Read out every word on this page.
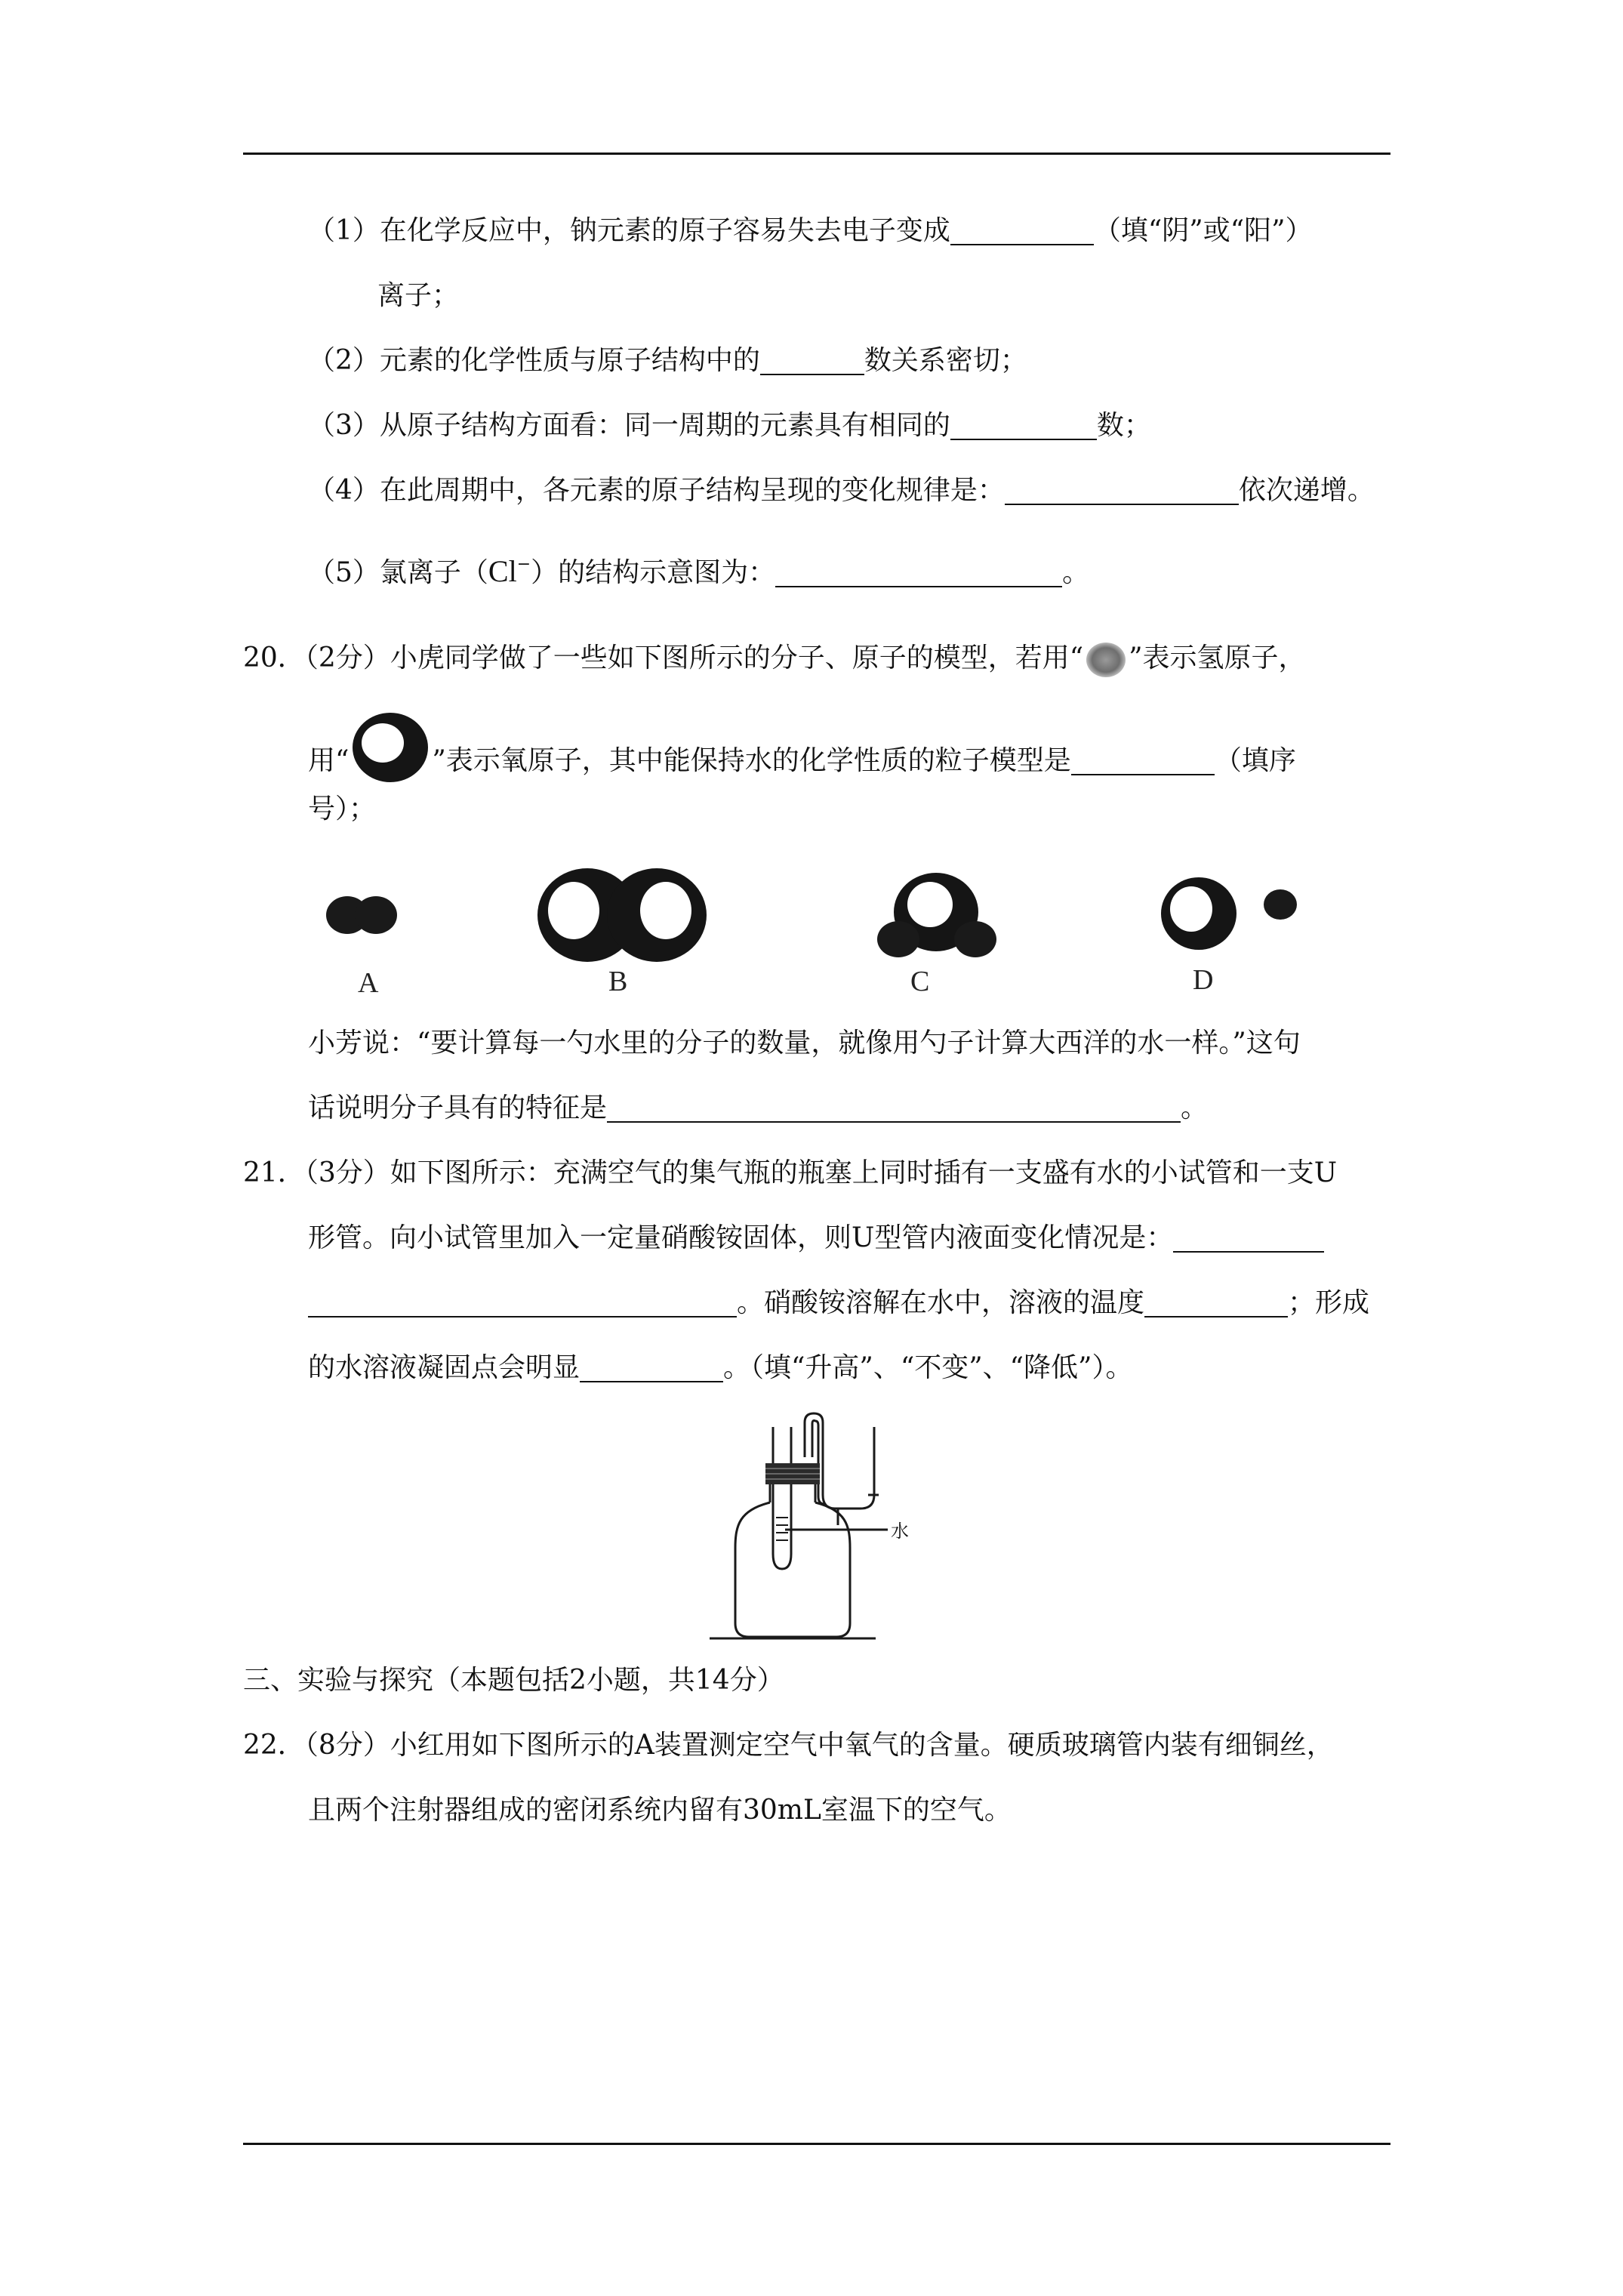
（1）在化学反应中，钠元素的原子容易失去电子变成	（填“阴”或“阳”）
离子；
（2）元素的化学性质与原子结构中的	数关系密切；
（3）从原子结构方面看：同一周期的元素具有相同的	数；
（4）在此周期中，各元素的原子结构呈现的变化规律是：	依次递增。
（5）氯离子（Cl−）的结构示意图为：	。
20．（2分）小虎同学做了一些如下图所示的分子、原子的模型，若用“ ”表示氢原子，
用“	”表示氧原子，其中能保持水的化学性质的粒子模型是	（填序
号）；
A	B	C	D
小芳说：“要计算每一勺水里的分子的数量，就像用勺子计算大西洋的水一样。”这句
话说明分子具有的特征是	。
21．（3分）如下图所示：充满空气的集气瓶的瓶塞上同时插有一支盛有水的小试管和一支U
形管。向小试管里加入一定量硝酸铵固体，则U型管内液面变化情况是：
。硝酸铵溶解在水中，溶液的温度	；形成
的水溶液凝固点会明显	。（填“升高”、“不变”、“降低”）。
水
三、实验与探究（本题包括2小题，共14分）
22．（8分）小红用如下图所示的A装置测定空气中氧气的含量。硬质玻璃管内装有细铜丝，
且两个注射器组成的密闭系统内留有30mL室温下的空气。
